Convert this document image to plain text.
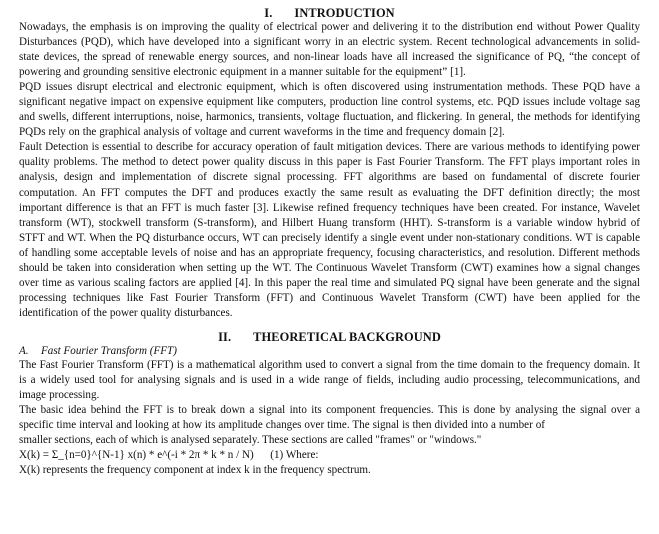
I. INTRODUCTION

Nowadays, the emphasis is on improving the quality of electrical power and delivering it to the distribution end without Power Quality Disturbances (PQD), which have developed into a significant worry in an electric system. Recent technological advancements in solid-state devices, the spread of renewable energy sources, and non-linear loads have all increased the significance of PQ, “the concept of powering and grounding sensitive electronic equipment in a manner suitable for the equipment” [1].

PQD issues disrupt electrical and electronic equipment, which is often discovered using instrumentation methods. These PQD have a significant negative impact on expensive equipment like computers, production line control systems, etc. PQD issues include voltage sag and swells, different interruptions, noise, harmonics, transients, voltage fluctuation, and flickering. In general, the methods for identifying PQDs rely on the graphical analysis of voltage and current waveforms in the time and frequency domain [2].

Fault Detection is essential to describe for accuracy operation of fault mitigation devices. There are various methods to identifying power quality problems. The method to detect power quality discuss in this paper is Fast Fourier Transform. The FFT plays important roles in analysis, design and implementation of discrete signal processing. FFT algorithms are based on fundamental of discrete fourier computation. An FFT computes the DFT and produces exactly the same result as evaluating the DFT definition directly; the most important difference is that an FFT is much faster [3]. Likewise refined frequency techniques have been created. For instance, Wavelet transform (WT), stockwell transform (S-transform), and Hilbert Huang transform (HHT). S-transform is a variable window hybrid of STFT and WT. When the PQ disturbance occurs, WT can precisely identify a single event under non-stationary conditions. WT is capable of handling some acceptable levels of noise and has an appropriate frequency, focusing characteristics, and resolution. Different methods should be taken into consideration when setting up the WT. The Continuous Wavelet Transform (CWT) examines how a signal changes over time as various scaling factors are applied [4]. In this paper the real time and simulated PQ signal have been generate and the signal processing techniques like Fast Fourier Transform (FFT) and Continuous Wavelet Transform (CWT) have been applied for the identification of the power quality disturbances.

II. THEORETICAL BACKGROUND

A. Fast Fourier Transform (FFT)

The Fast Fourier Transform (FFT) is a mathematical algorithm used to convert a signal from the time domain to the frequency domain. It is a widely used tool for analysing signals and is used in a wide range of fields, including audio processing, telecommunications, and image processing.

The basic idea behind the FFT is to break down a signal into its component frequencies. This is done by analysing the signal over a specific time interval and looking at how its amplitude changes over time. The signal is then divided into a number of

smaller sections, each of which is analysed separately. These sections are called "frames" or "windows."

X(k) = Σ_{n=0}^{N-1} x(n) * e^(-i * 2π * k * n / N)      (1) Where:

X(k) represents the frequency component at index k in the frequency spectrum.
